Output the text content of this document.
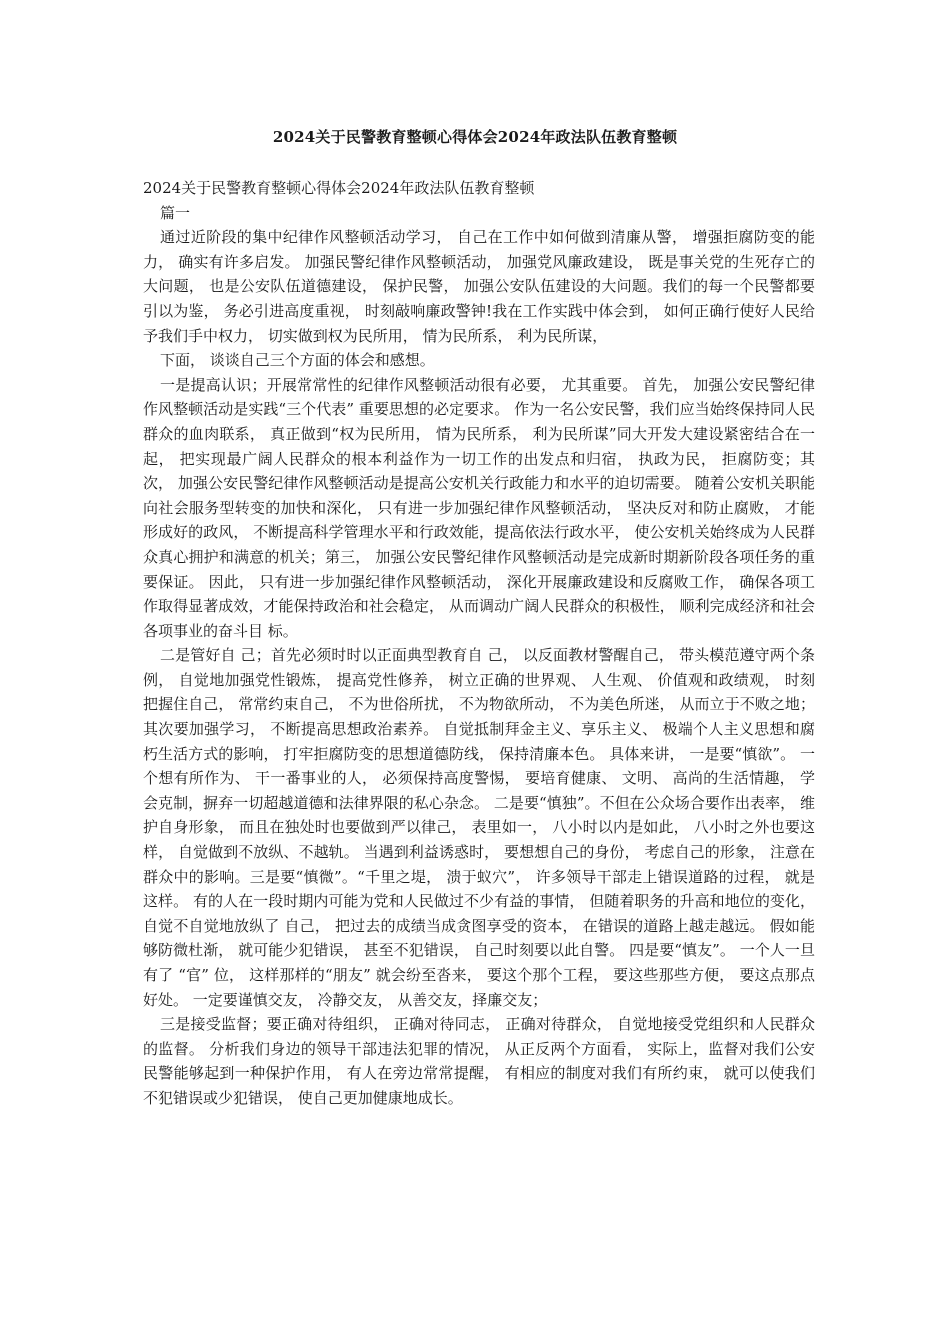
2024关于民警教育整顿心得体会2024年政法队伍教育整顿

2024关于民警教育整顿心得体会2024年政法队伍教育整顿

篇一

通过近阶段的集中纪律作风整顿活动学习， 自己在工作中如何做到清廉从警， 增强拒腐防变的能力， 确实有许多启发。 加强民警纪律作风整顿活动， 加强党风廉政建设， 既是事关党的生死存亡的大问题， 也是公安队伍道德建设， 保护民警， 加强公安队伍建设的大问题。我们的每一个民警都要引以为鉴， 务必引进高度重视， 时刻敲响廉政警钟!我在工作实践中体会到， 如何正确行使好人民给予我们手中权力， 切实做到权为民所用， 情为民所系， 利为民所谋，

下面， 谈谈自己三个方面的体会和感想。

一是提高认识；开展常常性的纪律作风整顿活动很有必要， 尤其重要。 首先， 加强公安民警纪律作风整顿活动是实践“三个代表” 重要思想的必定要求。 作为一名公安民警，我们应当始终保持同人民群众的血肉联系， 真正做到“权为民所用， 情为民所系， 利为民所谋”同大开发大建设紧密结合在一起， 把实现最广阔人民群众的根本利益作为一切工作的出发点和归宿， 执政为民， 拒腐防变；其次， 加强公安民警纪律作风整顿活动是提高公安机关行政能力和水平的迫切需要。 随着公安机关职能向社会服务型转变的加快和深化， 只有进一步加强纪律作风整顿活动， 坚决反对和防止腐败， 才能形成好的政风， 不断提高科学管理水平和行政效能，提高依法行政水平， 使公安机关始终成为人民群众真心拥护和满意的机关；第三， 加强公安民警纪律作风整顿活动是完成新时期新阶段各项任务的重要保证。 因此， 只有进一步加强纪律作风整顿活动， 深化开展廉政建设和反腐败工作， 确保各项工作取得显著成效，才能保持政治和社会稳定， 从而调动广阔人民群众的积极性， 顺利完成经济和社会各项事业的奋斗目 标。

二是管好自 己；首先必须时时以正面典型教育自 己， 以反面教材警醒自己， 带头模范遵守两个条例， 自觉地加强党性锻炼， 提高党性修养， 树立正确的世界观、 人生观、 价值观和政绩观， 时刻把握住自己， 常常约束自己， 不为世俗所扰， 不为物欲所动， 不为美色所迷， 从而立于不败之地；其次要加强学习， 不断提高思想政治素养。 自觉抵制拜金主义、享乐主义、 极端个人主义思想和腐朽生活方式的影响， 打牢拒腐防变的思想道德防线， 保持清廉本色。 具体来讲， 一是要“慎欲”。 一个想有所作为、 干一番事业的人， 必须保持高度警惕， 要培育健康、 文明、 高尚的生活情趣， 学会克制，摒弃一切超越道德和法律界限的私心杂念。 二是要“慎独”。不但在公众场合要作出表率， 维护自身形象， 而且在独处时也要做到严以律己， 表里如一， 八小时以内是如此， 八小时之外也要这样， 自觉做到不放纵、不越轨。 当遇到利益诱惑时， 要想想自己的身份， 考虑自己的形象， 注意在群众中的影响。三是要“慎微”。“千里之堤， 溃于蚁穴”， 许多领导干部走上错误道路的过程， 就是这样。 有的人在一段时期内可能为党和人民做过不少有益的事情， 但随着职务的升高和地位的变化， 自觉不自觉地放纵了 自己， 把过去的成绩当成贪图享受的资本， 在错误的道路上越走越远。 假如能够防微杜渐， 就可能少犯错误， 甚至不犯错误， 自己时刻要以此自警。 四是要“慎友”。 一个人一旦有了 “官” 位， 这样那样的“朋友” 就会纷至沓来， 要这个那个工程， 要这些那些方便， 要这点那点好处。 一定要谨慎交友， 冷静交友， 从善交友，择廉交友；

三是接受监督；要正确对待组织， 正确对待同志， 正确对待群众， 自觉地接受党组织和人民群众的监督。 分析我们身边的领导干部违法犯罪的情况， 从正反两个方面看， 实际上，监督对我们公安民警能够起到一种保护作用， 有人在旁边常常提醒， 有相应的制度对我们有所约束， 就可以使我们不犯错误或少犯错误， 使自己更加健康地成长。
